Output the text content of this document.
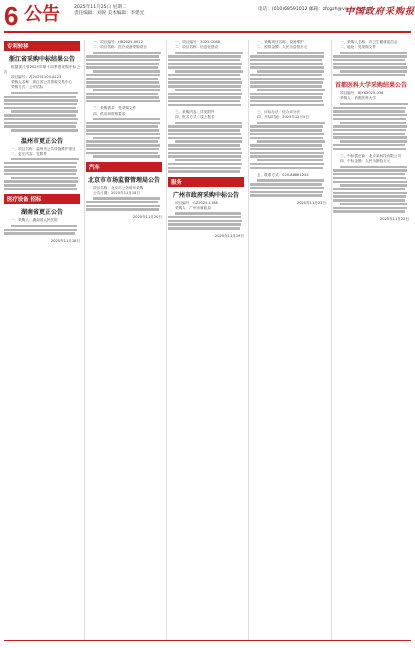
6 公告	2025年11月25日 星期二
责任编辑：刘锐 美术编辑：李建光
电话：(010)68591012 邮箱：zfcgzh@vip.sina.com
中国政府采购报
专利转移
浙江省采购中标结果公告
根据浙江省2025年第十四季度采购中标公告
项目编号：ZJ20251103-A123
采购人名称：浙江省公共资源交易中心
采购方式：公开招标
温州市更正公告
一、项目名称：温州市公共设施维护项目
二、更正内容：见附件
医疗设备 招标
湖南省更正公告
一、采购人：湖南省人民医院
2025年11月18日
一、项目编号：HB2025-0012
二、项目名称：医疗设备采购项目
三、采购需求：见采购文件
四、供应商资格要求
汽车
北京市市场监督管理局公告
项目名称：北京市公务用车采购
公告日期：2025年11月18日
2025年11月20日
一、项目编号：2025-C088
二、项目名称：信息化建设
三、采购内容：详见附件
四、报名方式：线上报名
服务
广州市政府采购中标公告
项目编号：GZ2025-1188
采购人：广州市财政局
2025年11月19日
一、采购项目名称：设备维护
二、预算金额：人民币壹佰万元
三、评标办法：综合评分法
四、开标时间：2025年12月5日
五、联系方式：020-88881234
2025年11月21日
一、采购人名称：市卫生健康委员会
二、地址：见采购文件
首都医科大学采购结果公告
项目编号：BJYK2025-036
采购人：首都医科大学
三、中标供应商：北京某科技有限公司
四、中标金额：人民币捌拾万元
2025年11月22日
